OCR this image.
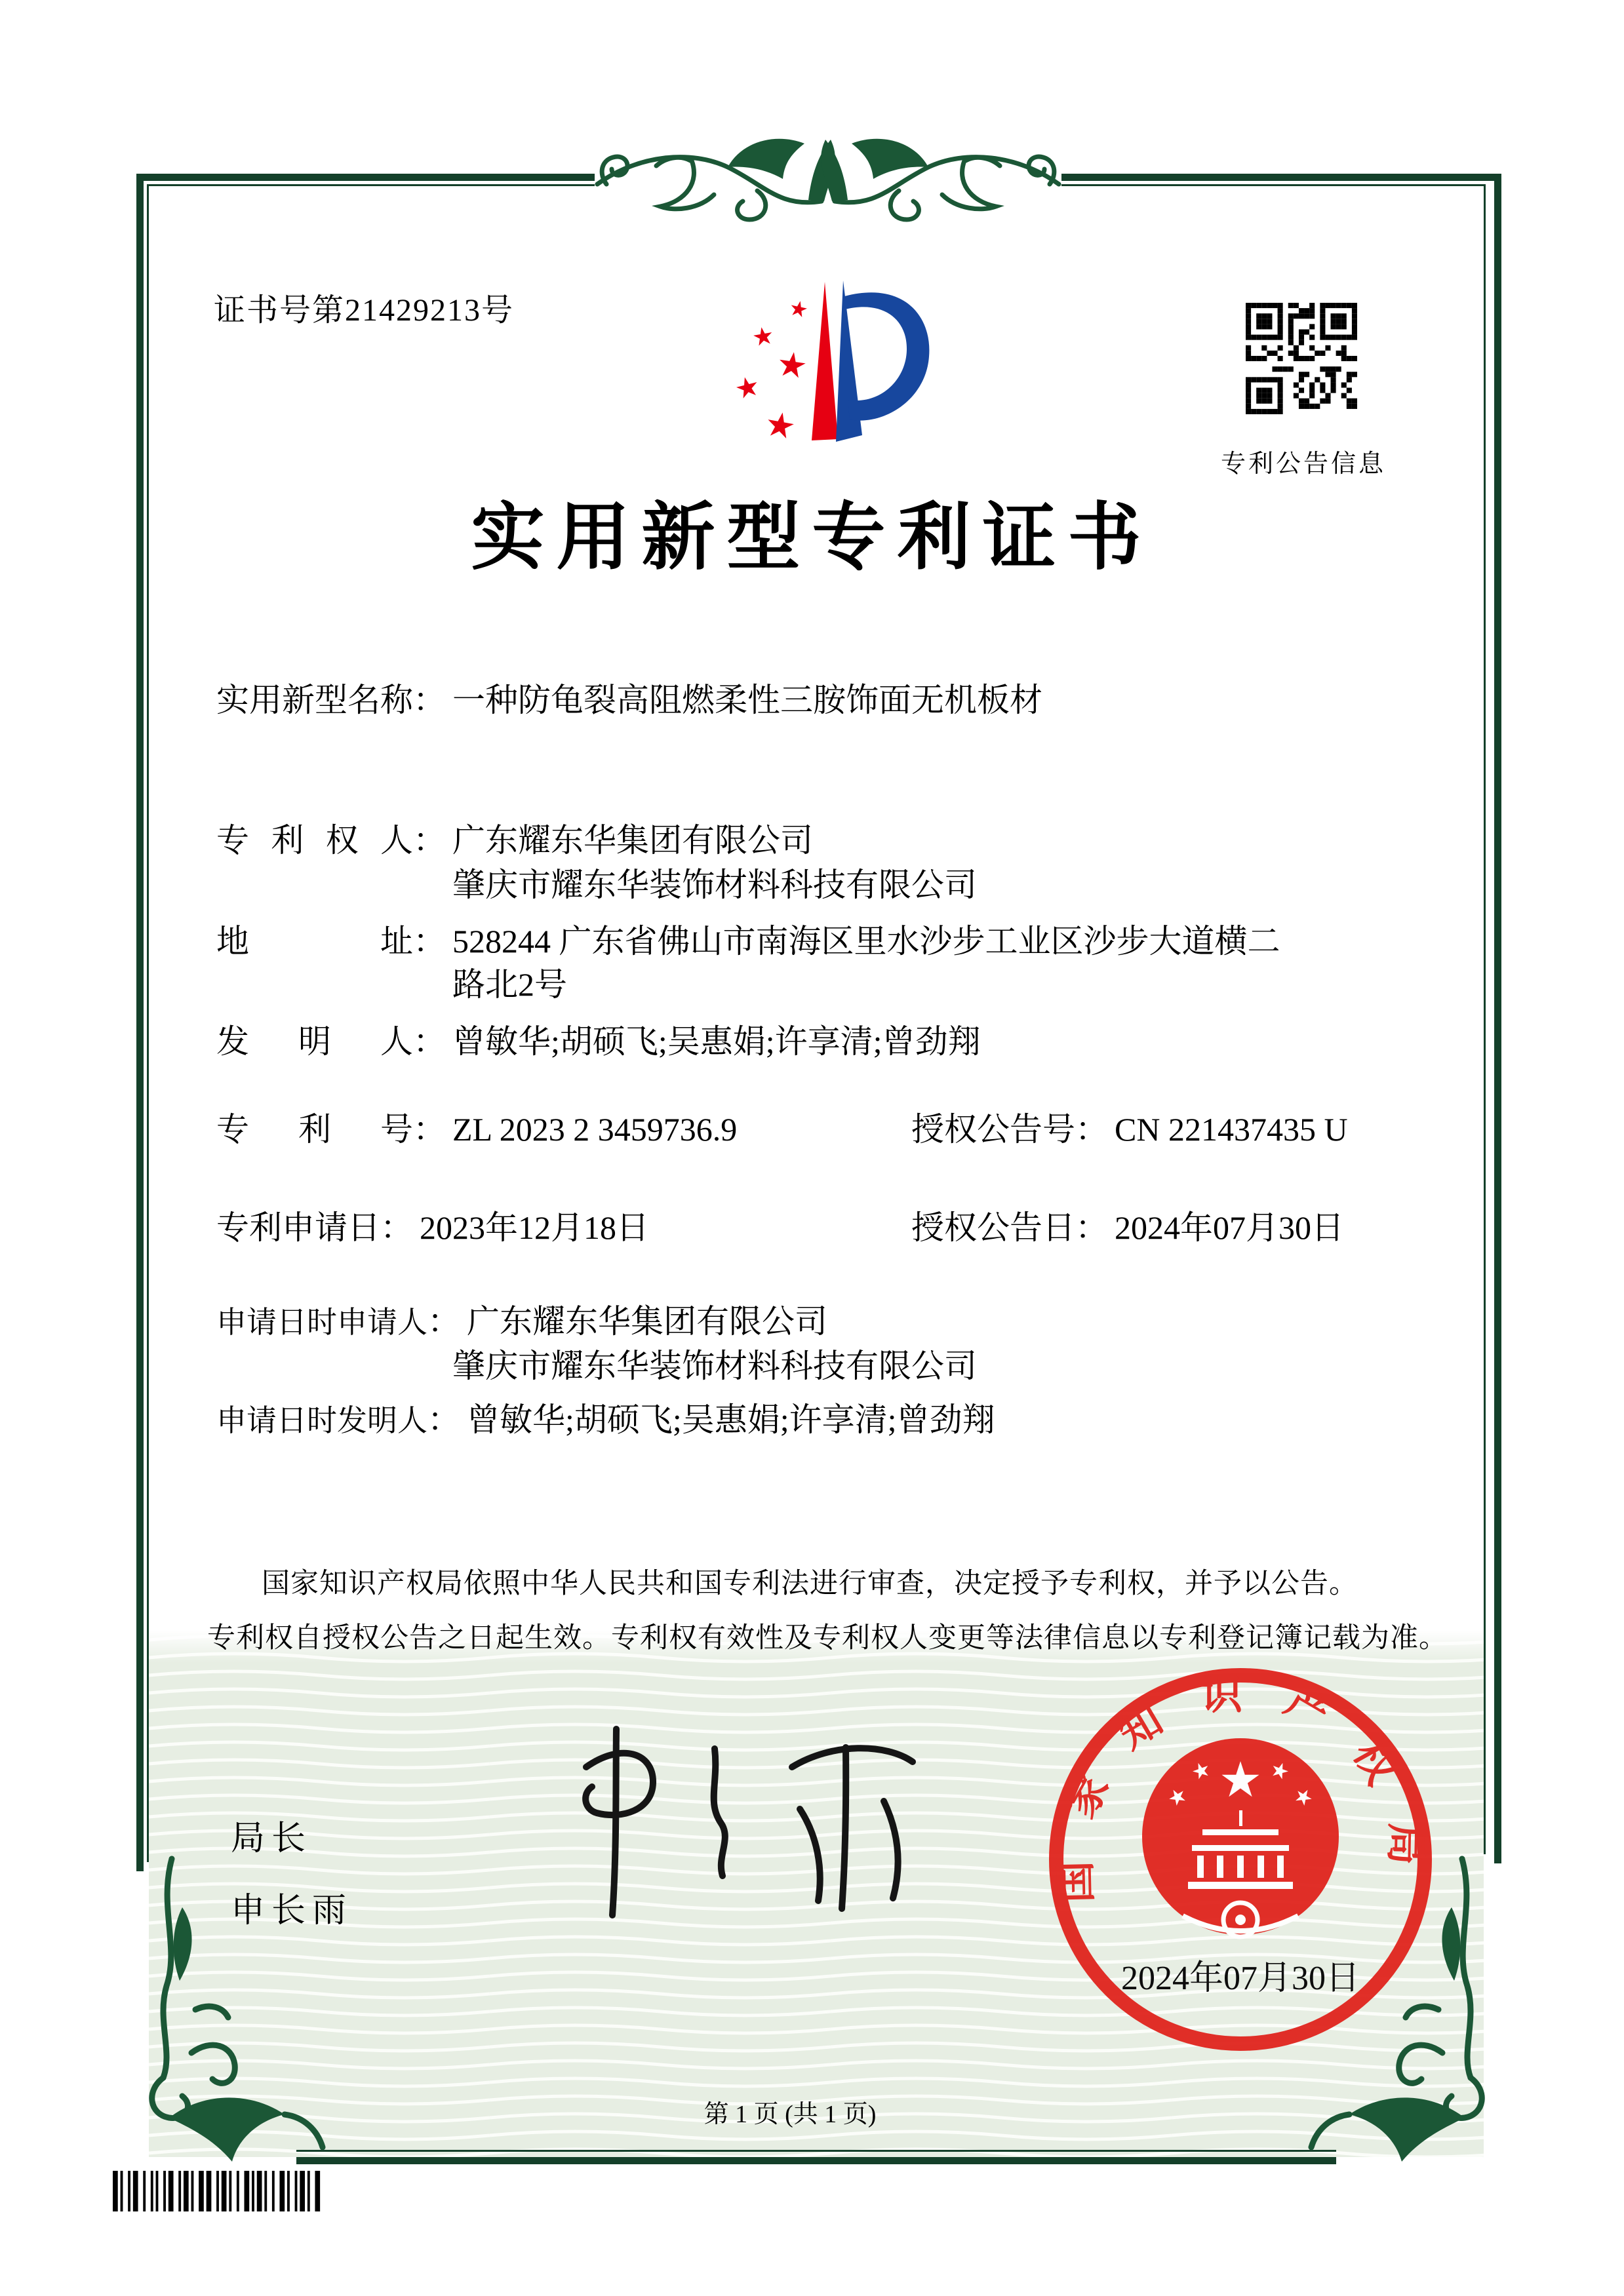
证书号第21429213号
专利公告信息
实用新型专利证书
实用新型名称： 一种防龟裂高阻燃柔性三胺饰面无机板材
专利权人： 广东耀东华集团有限公司
肇庆市耀东华装饰材料科技有限公司
地址： 528244 广东省佛山市南海区里水沙步工业区沙步大道横二
路北2号
发明人： 曾敏华;胡硕飞;吴惠娟;许享清;曾劲翔
专利号： ZL 2023 2 3459736.9	授权公告号： CN 221437435 U
专利申请日： 2023年12月18日	授权公告日： 2024年07月30日
申请日时申请人： 广东耀东华集团有限公司
肇庆市耀东华装饰材料科技有限公司
申请日时发明人： 曾敏华;胡硕飞;吴惠娟;许享清;曾劲翔
国家知识产权局依照中华人民共和国专利法进行审查，决定授予专利权，并予以公告。
专利权自授权公告之日起生效。专利权有效性及专利权人变更等法律信息以专利登记簿记载为准。
局长
申长雨
国家知识产权局
2024年07月30日
第 1 页 (共 1 页)
